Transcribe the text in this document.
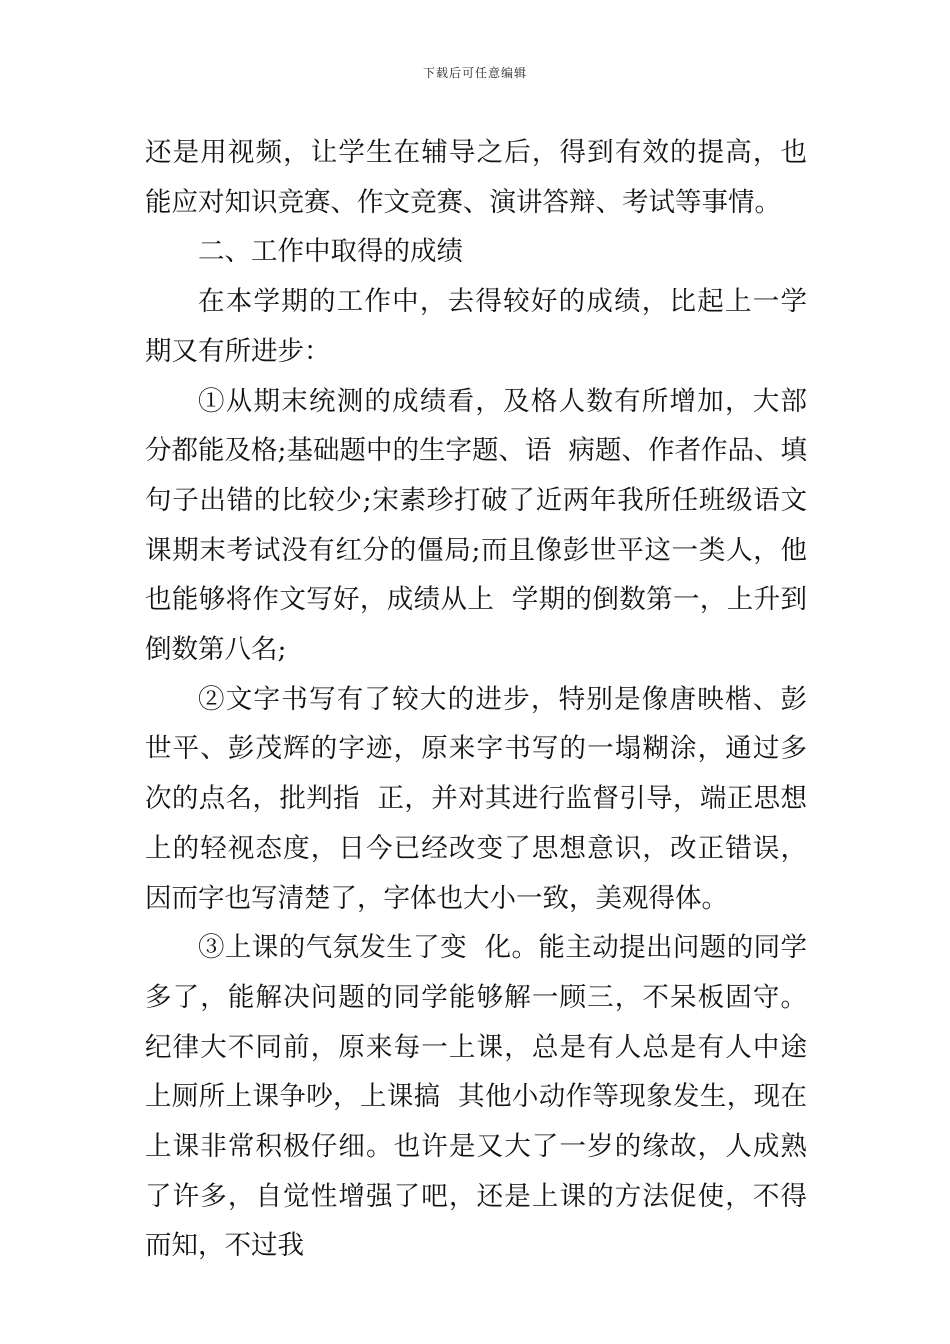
下载后可任意编辑

还是用视频，让学生在辅导之后，得到有效的提高，也能应对知识竞赛、作文竞赛、演讲答辩、考试等事情。

二、工作中取得的成绩

在本学期的工作中，去得较好的成绩，比起上一学期又有所进步：

①从期末统测的成绩看，及格人数有所增加，大部分都能及格;基础题中的生字题、语  病题、作者作品、填句子出错的比较少;宋素珍打破了近两年我所任班级语文课期末考试没有红分的僵局;而且像彭世平这一类人，他也能够将作文写好，成绩从上  学期的倒数第一，上升到倒数第八名;

②文字书写有了较大的进步，特别是像唐映楷、彭世平、彭茂辉的字迹，原来字书写的一塌糊涂，通过多次的点名，批判指  正，并对其进行监督引导，端正思想上的轻视态度，日今已经改变了思想意识，改正错误，因而字也写清楚了，字体也大小一致，美观得体。

③上课的气氛发生了变  化。能主动提出问题的同学多了，能解决问题的同学能够解一顾三，不呆板固守。纪律大不同前，原来每一上课，总是有人总是有人中途上厕所上课争吵，上课搞  其他小动作等现象发生，现在上课非常积极仔细。也许是又大了一岁的缘故，人成熟了许多，自觉性增强了吧，还是上课的方法促使，不得而知，不过我
